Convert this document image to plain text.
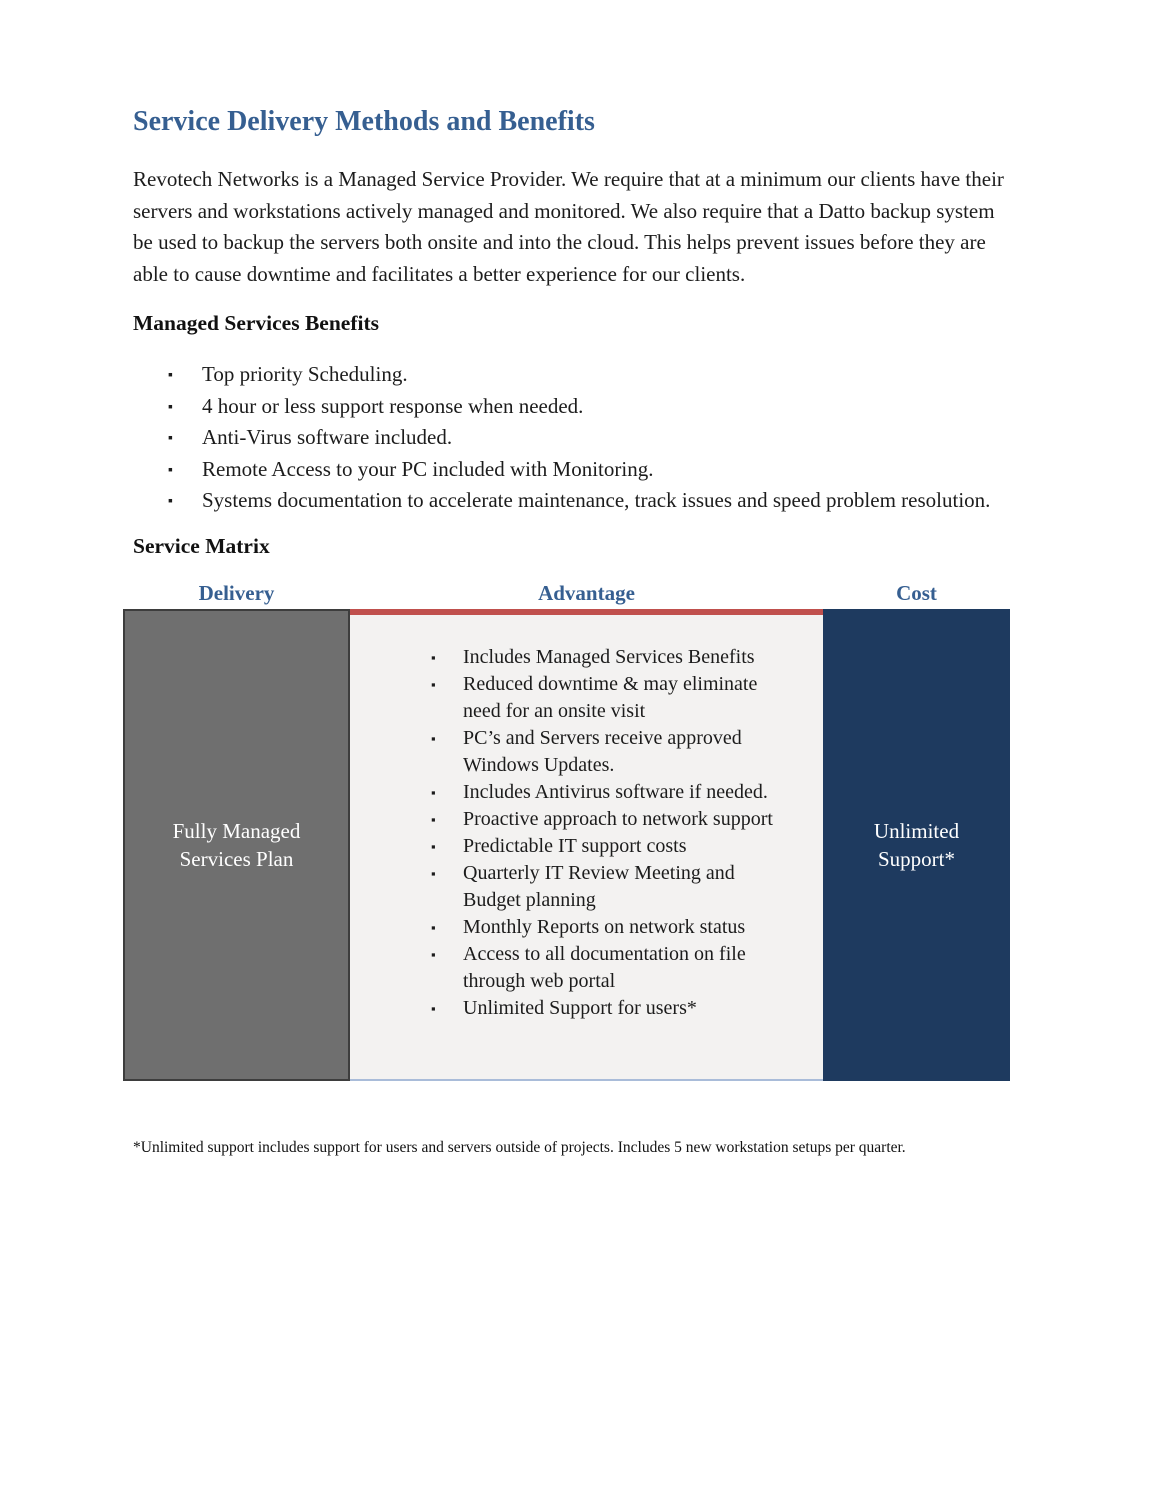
Service Delivery Methods and Benefits

Revotech Networks is a Managed Service Provider. We require that at a minimum our clients have their servers and workstations actively managed and monitored. We also require that a Datto backup system be used to backup the servers both onsite and into the cloud. This helps prevent issues before they are able to cause downtime and facilitates a better experience for our clients.

Managed Services Benefits
▪ Top priority Scheduling.
▪ 4 hour or less support response when needed.
▪ Anti-Virus software included.
▪ Remote Access to your PC included with Monitoring.
▪ Systems documentation to accelerate maintenance, track issues and speed problem resolution.
Service Matrix
Delivery	Advantage	Cost
Fully Managed Services Plan
▪ Includes Managed Services Benefits
▪ Reduced downtime & may eliminate need for an onsite visit
▪ PC’s and Servers receive approved Windows Updates.
▪ Includes Antivirus software if needed.
▪ Proactive approach to network support
▪ Predictable IT support costs
▪ Quarterly IT Review Meeting and Budget planning
▪ Monthly Reports on network status
▪ Access to all documentation on file through web portal
▪ Unlimited Support for users*
Unlimited Support*

*Unlimited support includes support for users and servers outside of projects. Includes 5 new workstation setups per quarter.
